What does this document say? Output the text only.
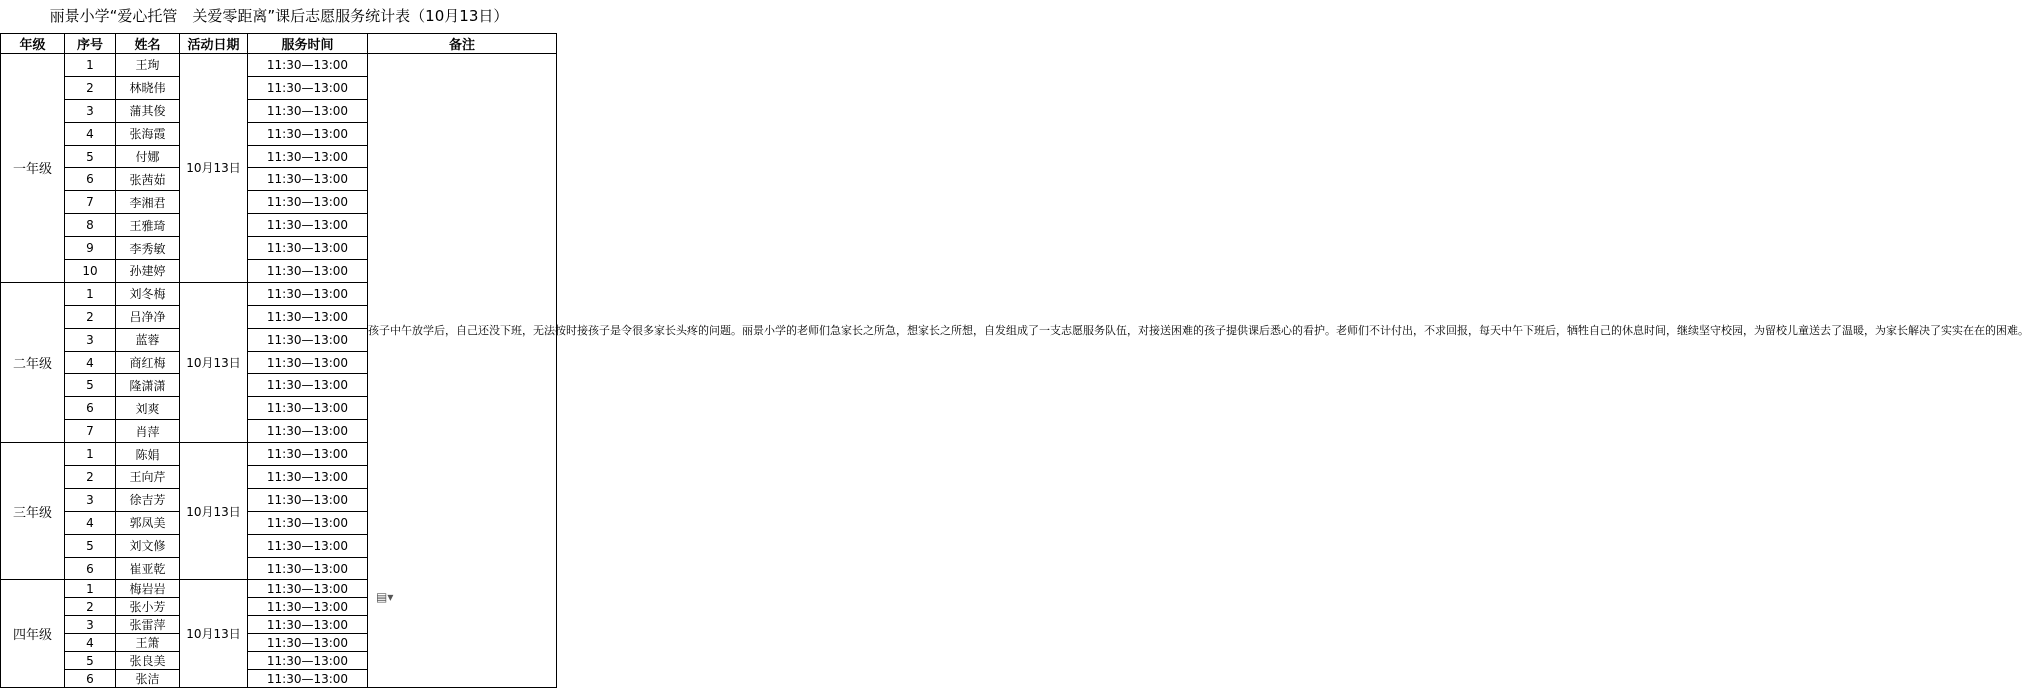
丽景小学“爱心托管　关爱零距离”课后志愿服务统计表（10月13日）
年级	序号	姓名	活动日期	服务时间	备注
一年级	1	王珣	10月13日	11:30—13:00	孩子中午放学后，自己还没下班，无法按时接孩子是令很多家长头疼的问题。丽景小学的老师们急家长之所急，想家长之所想，自发组成了一支志愿服务队伍，对接送困难的孩子提供课后悉心的看护。老师们不计付出，不求回报，每天中午下班后，牺牲自己的休息时间，继续坚守校园，为留校儿童送去了温暖，为家长解决了实实在在的困难。

	2	林晓伟		11:30—13:00	
	3	蒲其俊		11:30—13:00	
	4	张海霞		11:30—13:00	
	5	付娜		11:30—13:00	
	6	张茜茹		11:30—13:00	
	7	李湘君		11:30—13:00	
	8	王雅琦		11:30—13:00	
	9	李秀敏		11:30—13:00	
	10	孙建婷		11:30—13:00	
二年级	1	刘冬梅	10月13日	11:30—13:00	
	2	吕净净		11:30—13:00	
	3	蓝蓉		11:30—13:00	
	4	商红梅		11:30—13:00	
	5	隆潇潇		11:30—13:00	
	6	刘爽		11:30—13:00	
	7	肖萍		11:30—13:00	
三年级	1	陈娟	10月13日	11:30—13:00	
	2	王向芹		11:30—13:00	
	3	徐吉芳		11:30—13:00	
	4	郭凤美		11:30—13:00	
	5	刘文修		11:30—13:00	
	6	崔亚乾		11:30—13:00	
四年级	1	梅岩岩	10月13日	11:30—13:00	
	2	张小芳		11:30—13:00	
	3	张雷萍		11:30—13:00	
	4	王箫		11:30—13:00	
	5	张良美		11:30—13:00	
	6	张洁		11:30—13:00	
▤▾
